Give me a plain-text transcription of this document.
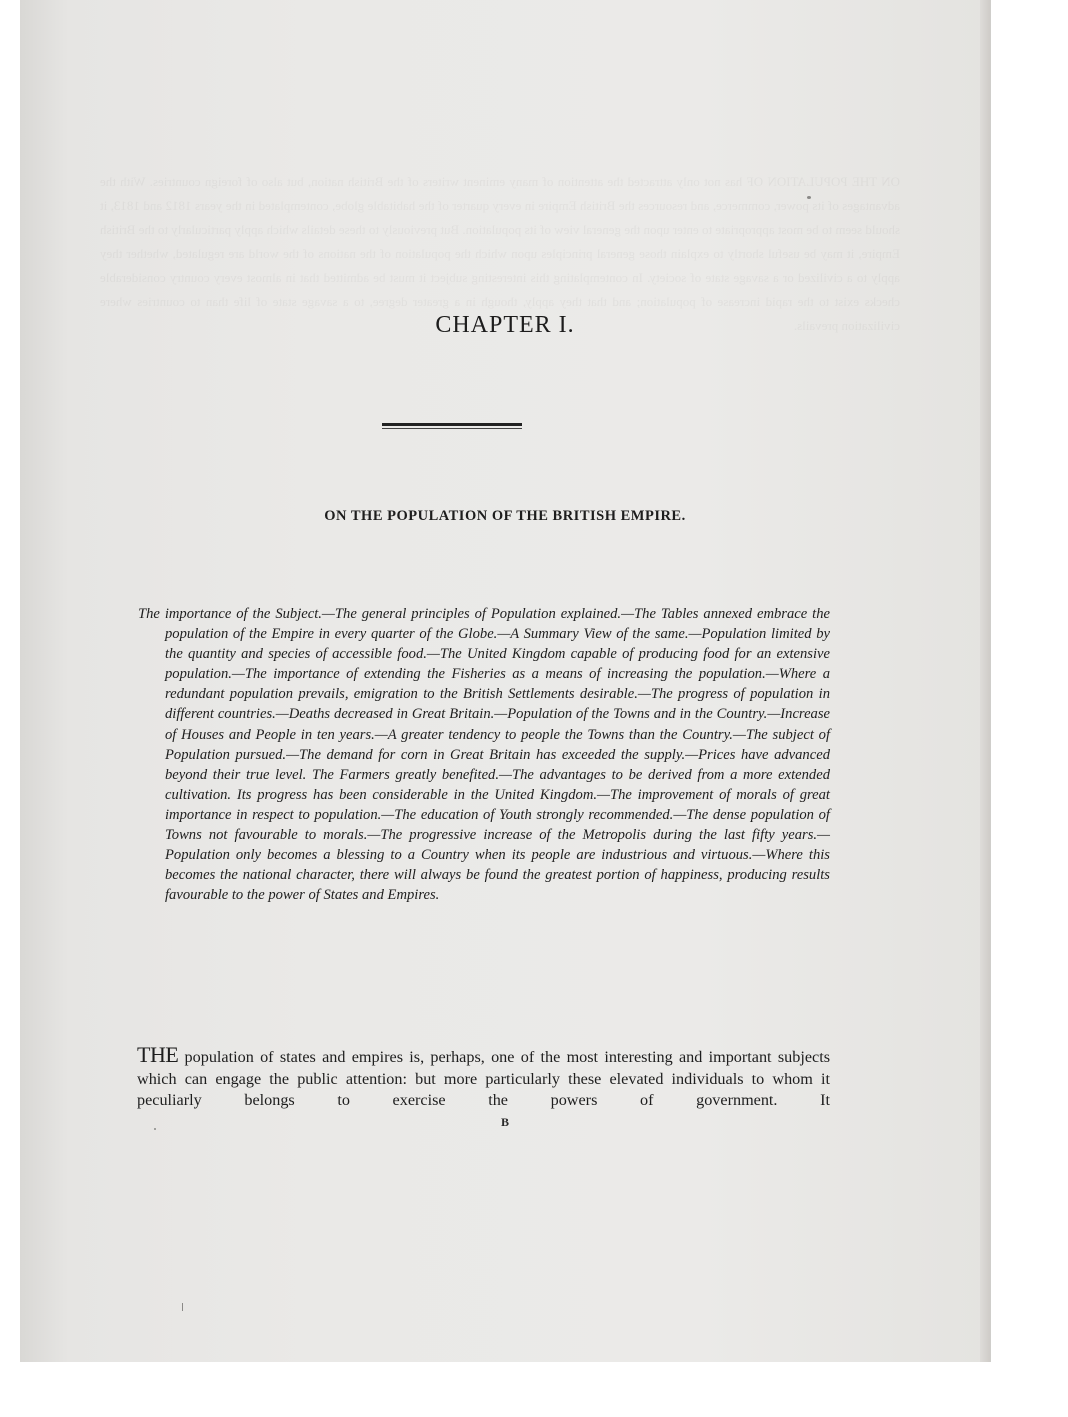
ON THE POPULATION OF has not only attracted the attention of many eminent writers of the British nation, but also of foreign countries. With the advantages of its power, commerce, and resources the British Empire in every quarter of the habitable globe, contemplated in the years 1812 and 1813, it should seem to be most appropriate to enter upon the general view of its population. But previously to these details which apply particularly to the British Empire, it may be useful shortly to explain those general principles upon which the population of the nations of the world are regulated, whether they apply to a civilized or a savage state of society. In contemplating this interesting subject it must be admitted that in almost every country considerable checks exist to the rapid increase of population; and that they apply, though in a greater degree, to a savage state of life than to countries where civilization prevails.
CHAPTER I.
ON THE POPULATION OF THE BRITISH EMPIRE.
The importance of the Subject.—The general principles of Population explained.—The Tables annexed embrace the population of the Empire in every quarter of the Globe.—A Summary View of the same.—Population limited by the quantity and species of accessible food.—The United Kingdom capable of producing food for an extensive population.—The importance of extending the Fisheries as a means of increasing the population.—Where a redundant population prevails, emigration to the British Settlements desirable.—The progress of population in different countries.—Deaths decreased in Great Britain.—Population of the Towns and in the Country.—Increase of Houses and People in ten years.—A greater tendency to people the Towns than the Country.—The subject of Population pursued.—The demand for corn in Great Britain has exceeded the supply.—Prices have advanced beyond their true level. The Farmers greatly benefited.—The advantages to be derived from a more extended cultivation. Its progress has been considerable in the United Kingdom.—The improvement of morals of great importance in respect to population.—The education of Youth strongly recommended.—The dense population of Towns not favourable to morals.—The progressive increase of the Metropolis during the last fifty years.—Population only becomes a blessing to a Country when its people are industrious and virtuous.—Where this becomes the national character, there will always be found the greatest portion of happiness, producing results favourable to the power of States and Empires.
THE population of states and empires is, perhaps, one of the most interesting and important subjects which can engage the public attention: but more particularly these elevated individuals to whom it peculiarly belongs to exercise the powers of government. It
B
